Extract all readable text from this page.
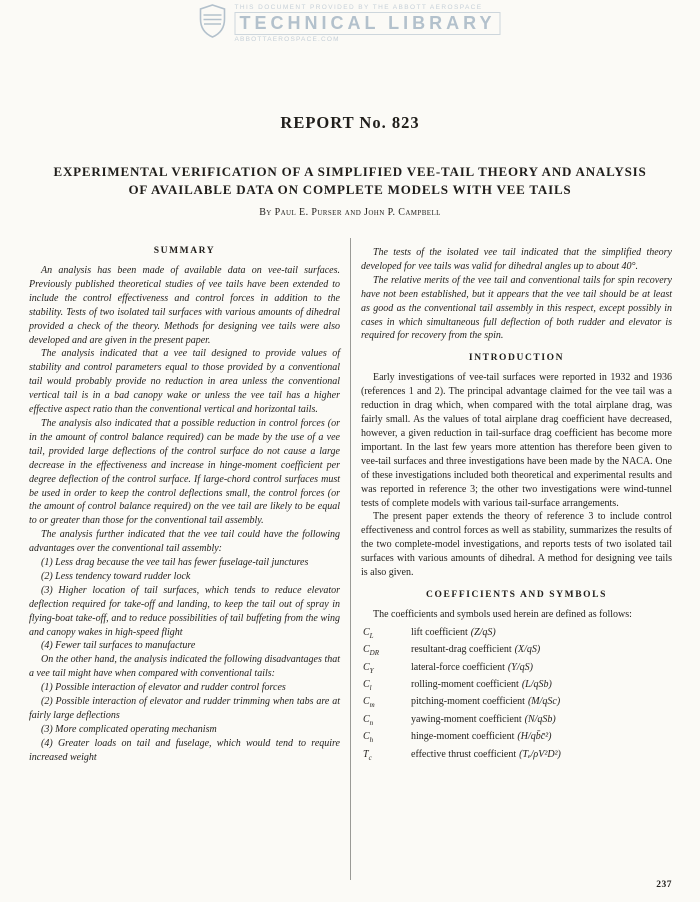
THIS DOCUMENT PROVIDED BY THE ABBOTT AEROSPACE
TECHNICAL LIBRARY
ABBOTTAEROSPACE.COM
REPORT No. 823
EXPERIMENTAL VERIFICATION OF A SIMPLIFIED VEE-TAIL THEORY AND ANALYSIS
OF AVAILABLE DATA ON COMPLETE MODELS WITH VEE TAILS
By Paul E. Purser and John P. Campbell
SUMMARY

An analysis has been made of available data on vee-tail surfaces. Previously published theoretical studies of vee tails have been extended to include the control effectiveness and control forces in addition to the stability. Tests of two isolated tail surfaces with various amounts of dihedral provided a check of the theory. Methods for designing vee tails were also developed and are given in the present paper.

The analysis indicated that a vee tail designed to provide values of stability and control parameters equal to those provided by a conventional tail would probably provide no reduction in area unless the conventional vertical tail is in a bad canopy wake or unless the vee tail has a higher effective aspect ratio than the conventional vertical and horizontal tails.

The analysis also indicated that a possible reduction in control forces (or in the amount of control balance required) can be made by the use of a vee tail, provided large deflections of the control surface do not cause a large decrease in the effectiveness and increase in hinge-moment coefficient per degree deflection of the control surface. If large-chord control surfaces must be used in order to keep the control deflections small, the control forces (or the amount of control balance required) on the vee tail are likely to be equal to or greater than those for the conventional tail assembly.

The analysis further indicated that the vee tail could have the following advantages over the conventional tail assembly:

(1) Less drag because the vee tail has fewer fuselage-tail junctures

(2) Less tendency toward rudder lock

(3) Higher location of tail surfaces, which tends to reduce elevator deflection required for take-off and landing, to keep the tail out of spray in flying-boat take-off, and to reduce possibilities of tail buffeting from the wing and canopy wakes in high-speed flight

(4) Fewer tail surfaces to manufacture

On the other hand, the analysis indicated the following disadvantages that a vee tail might have when compared with conventional tails:

(1) Possible interaction of elevator and rudder control forces

(2) Possible interaction of elevator and rudder trimming when tabs are at fairly large deflections

(3) More complicated operating mechanism

(4) Greater loads on tail and fuselage, which would tend to require increased weight

The tests of the isolated vee tail indicated that the simplified theory developed for vee tails was valid for dihedral angles up to about 40°.

The relative merits of the vee tail and conventional tails for spin recovery have not been established, but it appears that the vee tail should be at least as good as the conventional tail assembly in this respect, except possibly in cases in which simultaneous full deflection of both rudder and elevator is required for recovery from the spin.

INTRODUCTION

Early investigations of vee-tail surfaces were reported in 1932 and 1936 (references 1 and 2). The principal advantage claimed for the vee tail was a reduction in drag which, when compared with the total airplane drag, was fairly small. As the values of total airplane drag coefficient have decreased, however, a given reduction in tail-surface drag coefficient has become more important. In the last few years more attention has therefore been given to vee-tail surfaces and three investigations have been made by the NACA. One of these investigations included both theoretical and experimental results and was reported in reference 3; the other two investigations were wind-tunnel tests of complete models with various tail-surface arrangements.

The present paper extends the theory of reference 3 to include control effectiveness and control forces as well as stability, summarizes the results of the two complete-model investigations, and reports tests of two isolated tail surfaces with various amounts of dihedral. A method for designing vee tails is also given.

COEFFICIENTS AND SYMBOLS

The coefficients and symbols used herein are defined as follows:

$C_L$	lift coefficient (Z/qS)
$C_{DR}$	resultant-drag coefficient (X/qS)
$C_Y$	lateral-force coefficient (Y/qS)
$C_l$	rolling-moment coefficient (L/qSb)
$C_m$	pitching-moment coefficient (M/qSc)
$C_n$	yawing-moment coefficient (N/qSb)
$C_h$	hinge-moment coefficient (H/qb̄c̄²)
$T_c$	effective thrust coefficient (Tₑ/ρV²D²)
237
